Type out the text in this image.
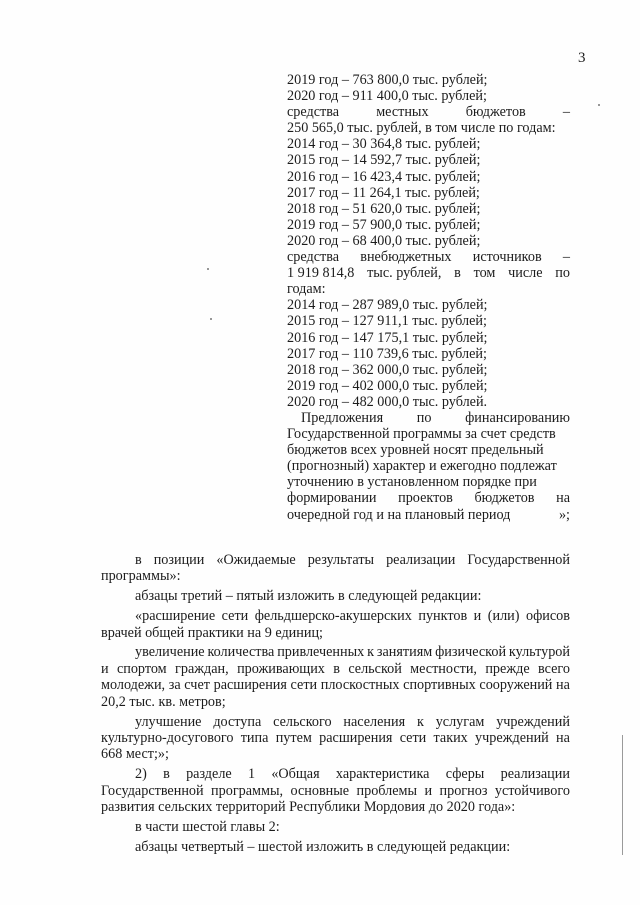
3
2019 год – 763 800,0 тыс. рублей;
2020 год – 911 400,0 тыс. рублей;
средства	местных	бюджетов	–
250 565,0 тыс. рублей, в том числе по годам:
2014 год – 30 364,8 тыс. рублей;
2015 год – 14 592,7 тыс. рублей;
2016 год – 16 423,4 тыс. рублей;
2017 год – 11 264,1 тыс. рублей;
2018 год – 51 620,0 тыс. рублей;
2019 год – 57 900,0 тыс. рублей;
2020 год – 68 400,0 тыс. рублей;
средства внебюджетных источников –
1 919 814,8 тыс. рублей, в том числе по
годам:
2014 год – 287 989,0 тыс. рублей;
2015 год – 127 911,1 тыс. рублей;
2016 год – 147 175,1 тыс. рублей;
2017 год – 110 739,6 тыс. рублей;
2018 год – 362 000,0 тыс. рублей;
2019 год – 402 000,0 тыс. рублей;
2020 год – 482 000,0 тыс. рублей.
Предложения по финансированию
Государственной программы за счет средств
бюджетов всех уровней носят предельный
(прогнозный) характер и ежегодно подлежат
уточнению в установленном порядке при
формировании проектов бюджетов на
очередной год и на плановый период	»;
в позиции «Ожидаемые результаты реализации Государственной
программы»:
абзацы третий – пятый изложить в следующей редакции:
«расширение сети фельдшерско-акушерских пунктов и (или) офисов
врачей общей практики на 9 единиц;
увеличение количества привлеченных к занятиям физической культурой
и спортом граждан, проживающих в сельской местности, прежде всего
молодежи, за счет расширения сети плоскостных спортивных сооружений на
20,2 тыс. кв. метров;
улучшение доступа сельского населения к услугам учреждений
культурно-досугового типа путем расширения сети таких учреждений на
668 мест;»;
2) в разделе 1 «Общая характеристика сферы реализации
Государственной программы, основные проблемы и прогноз устойчивого
развития сельских территорий Республики Мордовия до 2020 года»:
в части шестой главы 2:
абзацы четвертый – шестой изложить в следующей редакции:
